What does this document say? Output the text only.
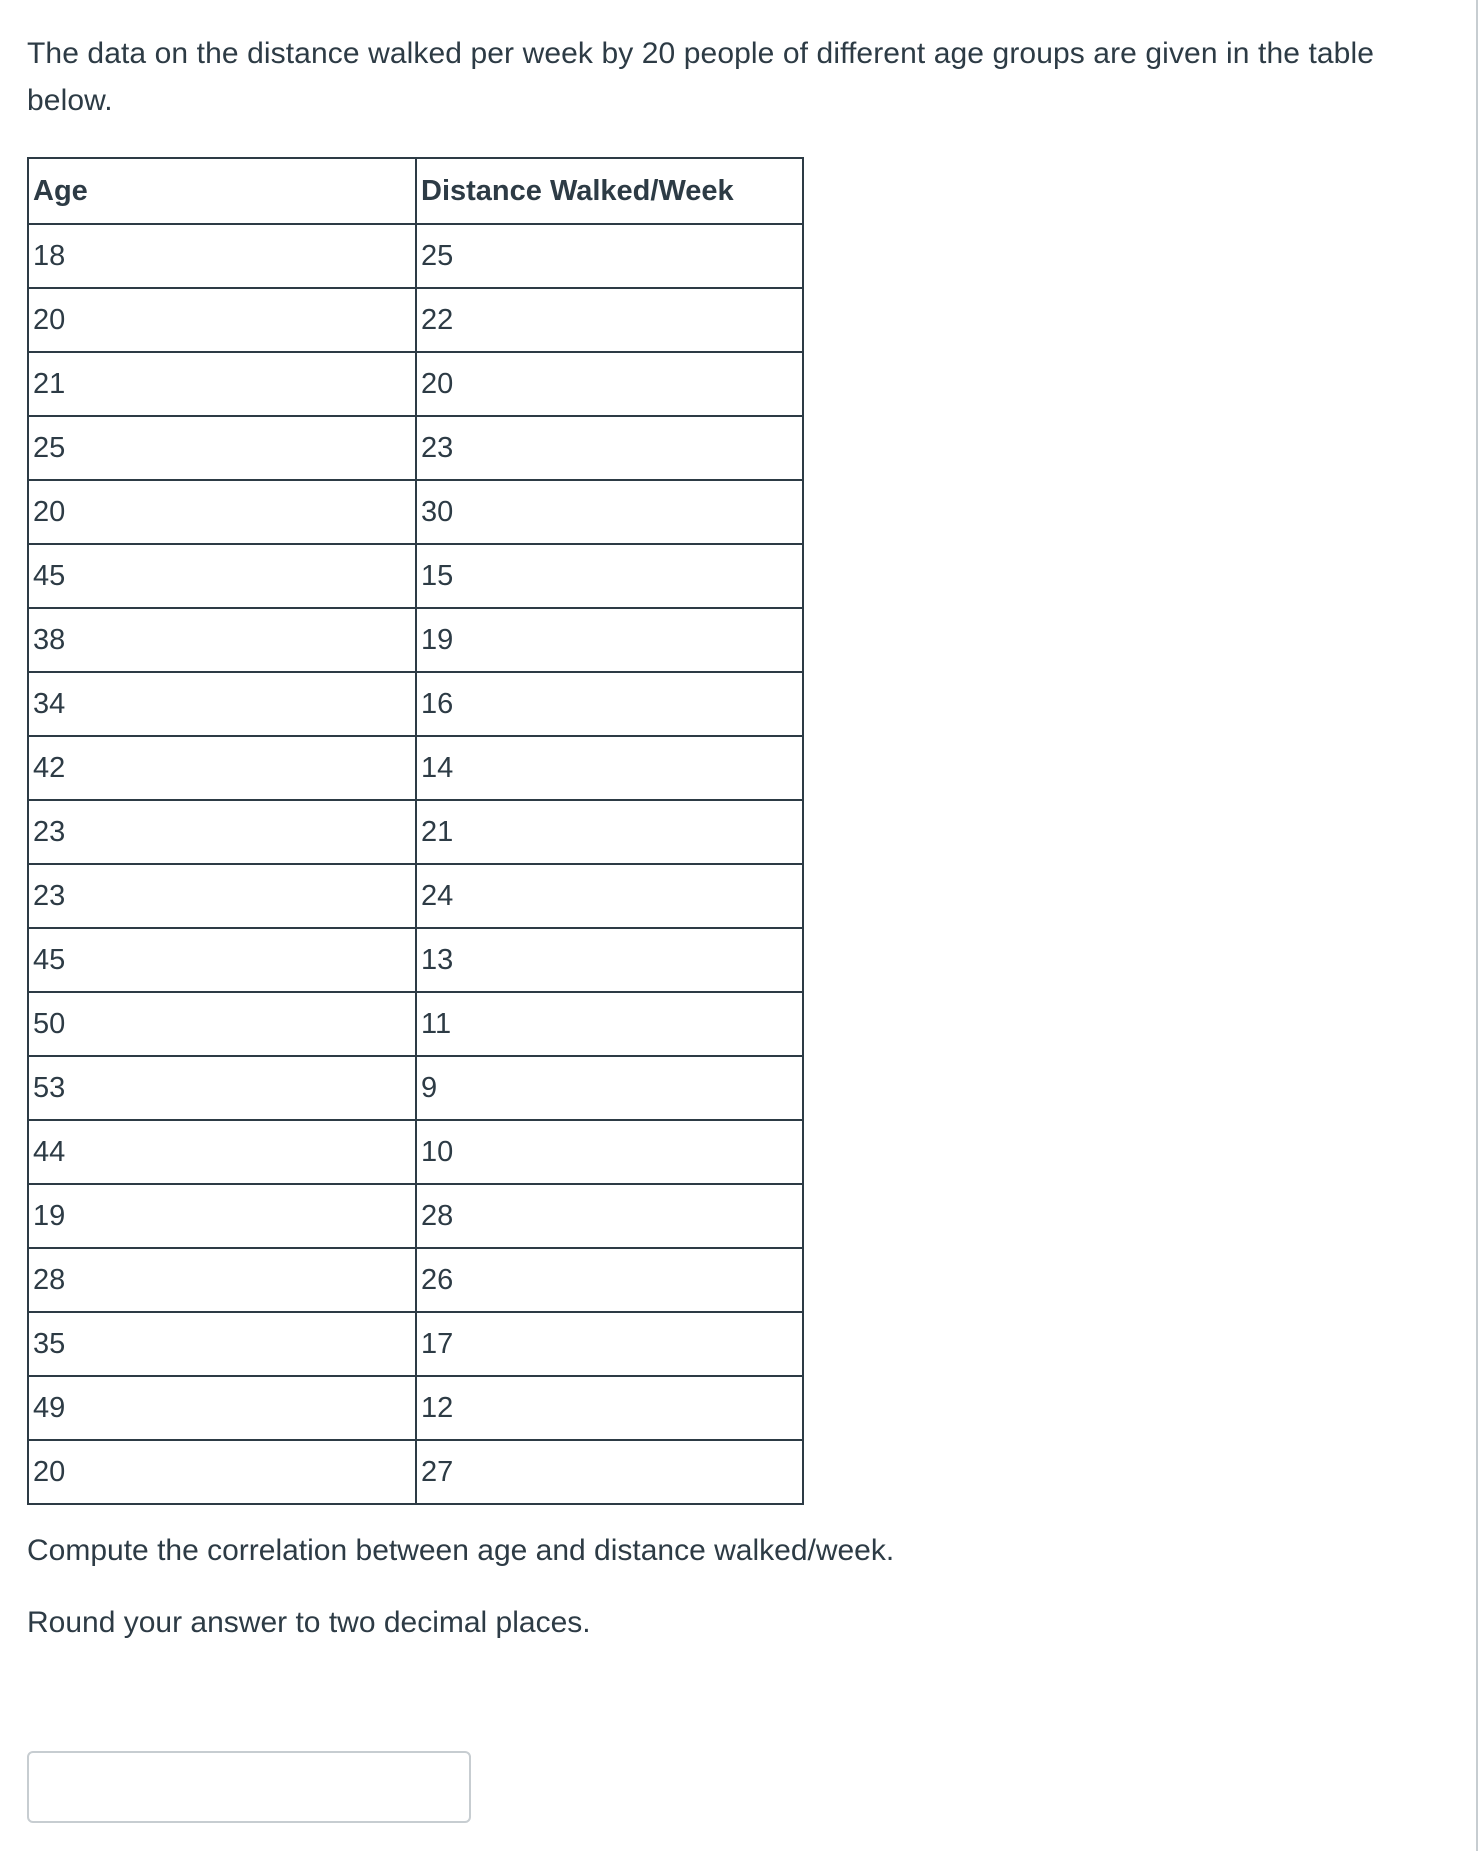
The data on the distance walked per week by 20 people of different age groups are given in the table below.

Age	Distance Walked/Week
18	25
20	22
21	20
25	23
20	30
45	15
38	19
34	16
42	14
23	21
23	24
45	13
50	11
53	9
44	10
19	28
28	26
35	17
49	12
20	27

Compute the correlation between age and distance walked/week.

Round your answer to two decimal places.
